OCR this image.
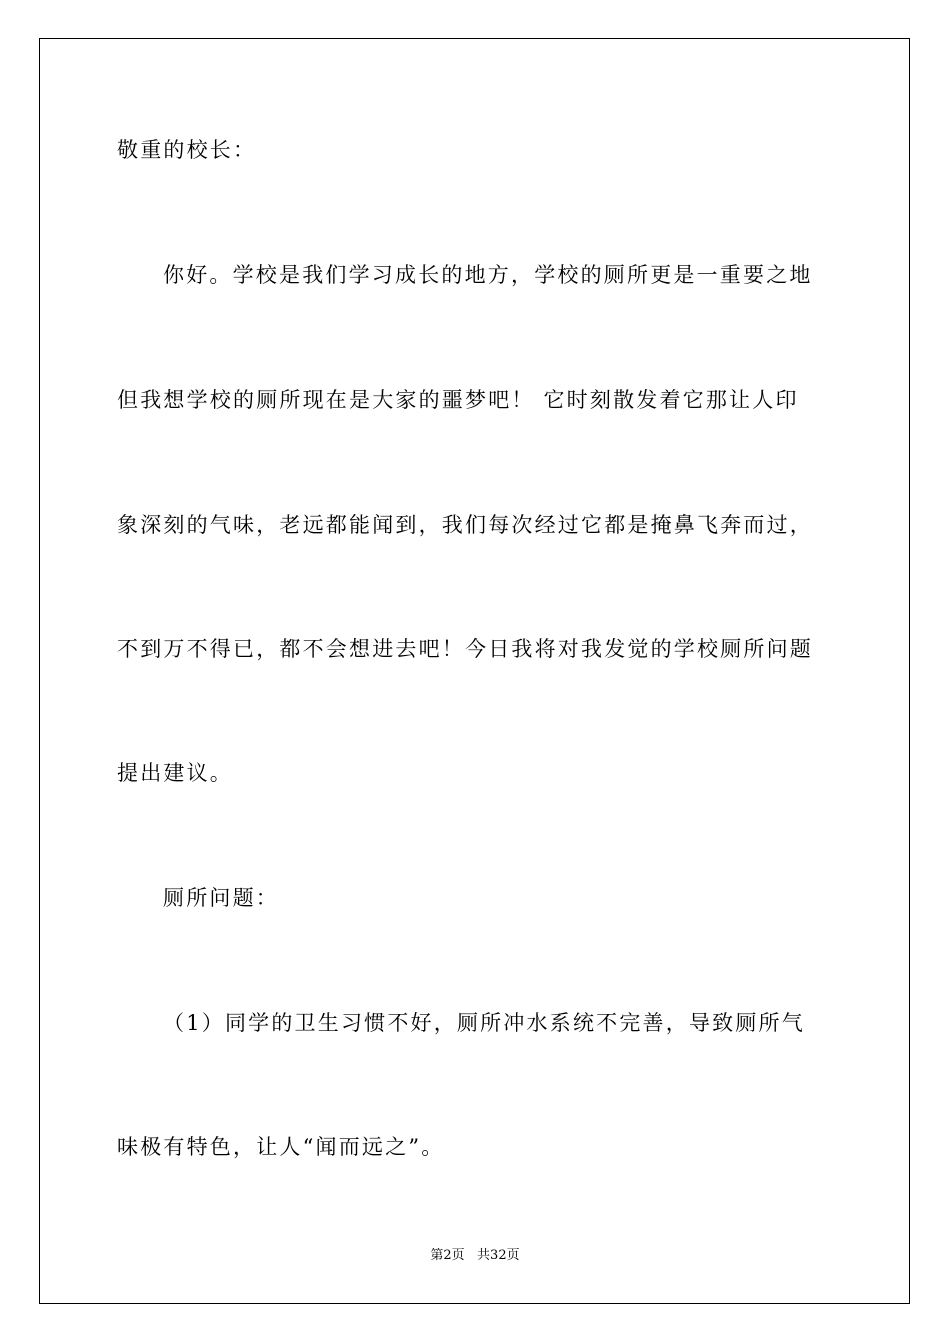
敬重的校长：
你好。学校是我们学习成长的地方，学校的厕所更是一重要之地
但我想学校的厕所现在是大家的噩梦吧！ 它时刻散发着它那让人印
象深刻的气味，老远都能闻到，我们每次经过它都是掩鼻飞奔而过，
不到万不得已，都不会想进去吧！今日我将对我发觉的学校厕所问题
提出建议。
厕所问题：
（1）同学的卫生习惯不好，厕所冲水系统不完善，导致厕所气
味极有特色，让人“闻而远之”。
第2页   共32页
